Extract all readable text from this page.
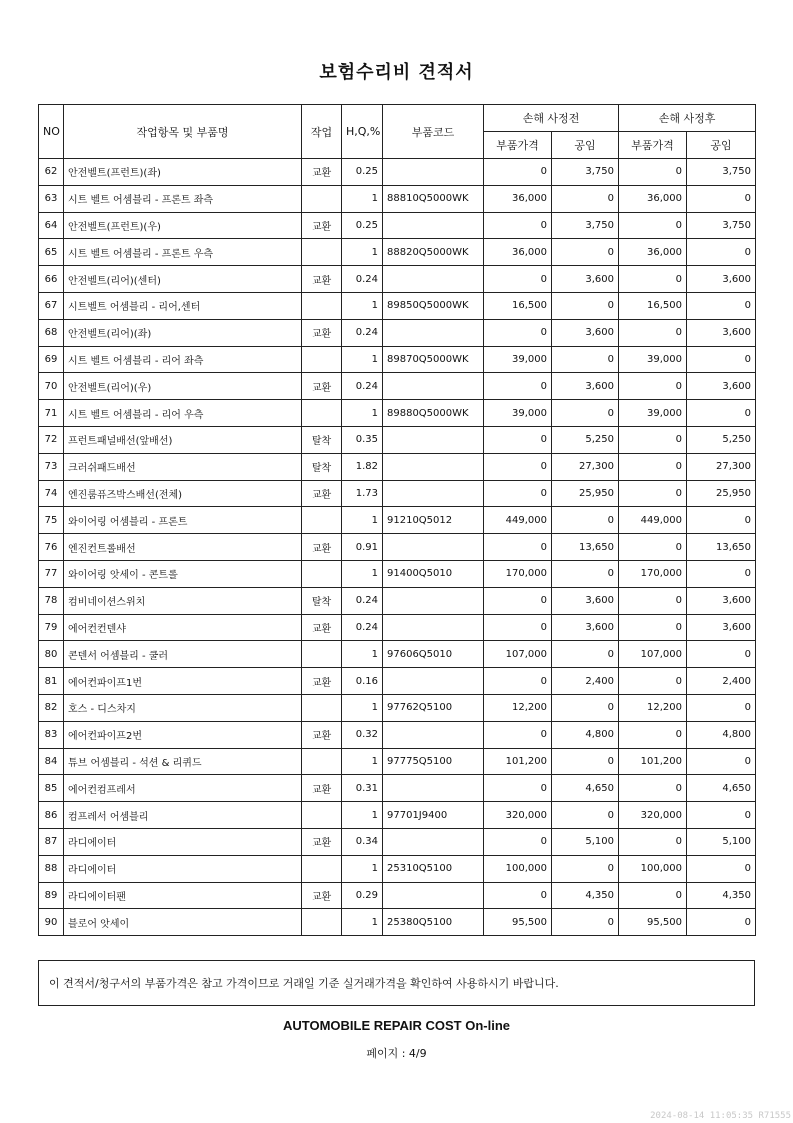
보험수리비 견적서
NO	작업항목 및 부품명	작업	H,Q,%	부품코드	손해 사정전		손해 사정후	
					부품가격	공임	부품가격	공임
62	안전벨트(프런트)(좌)	교환	0.25		0	3,750	0	3,750
63	시트 벨트 어셈블리 - 프론트 좌측		1	88810Q5000WK	36,000	0	36,000	0
64	안전벨트(프런트)(우)	교환	0.25		0	3,750	0	3,750
65	시트 벨트 어셈블리 - 프론트 우측		1	88820Q5000WK	36,000	0	36,000	0
66	안전벨트(리어)(센터)	교환	0.24		0	3,600	0	3,600
67	시트벨트 어셈블리 - 리어,센터		1	89850Q5000WK	16,500	0	16,500	0
68	안전벨트(리어)(좌)	교환	0.24		0	3,600	0	3,600
69	시트 벨트 어셈블리 - 리어 좌측		1	89870Q5000WK	39,000	0	39,000	0
70	안전벨트(리어)(우)	교환	0.24		0	3,600	0	3,600
71	시트 벨트 어셈블리 - 리어 우측		1	89880Q5000WK	39,000	0	39,000	0
72	프런트패널배선(앞배선)	탈착	0.35		0	5,250	0	5,250
73	크러쉬패드배선	탈착	1.82		0	27,300	0	27,300
74	엔진룸퓨즈박스배선(전체)	교환	1.73		0	25,950	0	25,950
75	와이어링 어셈블리 - 프론트		1	91210Q5012	449,000	0	449,000	0
76	엔진컨트롤배선	교환	0.91		0	13,650	0	13,650
77	와이어링 앗세이 - 콘트롤		1	91400Q5010	170,000	0	170,000	0
78	컴비네이션스위치	탈착	0.24		0	3,600	0	3,600
79	에어컨컨덴샤	교환	0.24		0	3,600	0	3,600
80	콘덴서 어셈블리 - 쿨러		1	97606Q5010	107,000	0	107,000	0
81	에어컨파이프1번	교환	0.16		0	2,400	0	2,400
82	호스 - 디스차지		1	97762Q5100	12,200	0	12,200	0
83	에어컨파이프2번	교환	0.32		0	4,800	0	4,800
84	튜브 어셈블리 - 석션 & 리퀴드		1	97775Q5100	101,200	0	101,200	0
85	에어컨컴프레서	교환	0.31		0	4,650	0	4,650
86	컴프레서 어셈블리		1	97701J9400	320,000	0	320,000	0
87	라디에이터	교환	0.34		0	5,100	0	5,100
88	라디에이터		1	25310Q5100	100,000	0	100,000	0
89	라디에이터팬	교환	0.29		0	4,350	0	4,350
90	블로어 앗세이		1	25380Q5100	95,500	0	95,500	0
이 견적서/청구서의 부품가격은 참고 가격이므로 거래일 기준 실거래가격을 확인하여 사용하시기 바랍니다.
AUTOMOBILE REPAIR COST On-line
페이지 : 4/9
2024-08-14 11:05:35 R71555
